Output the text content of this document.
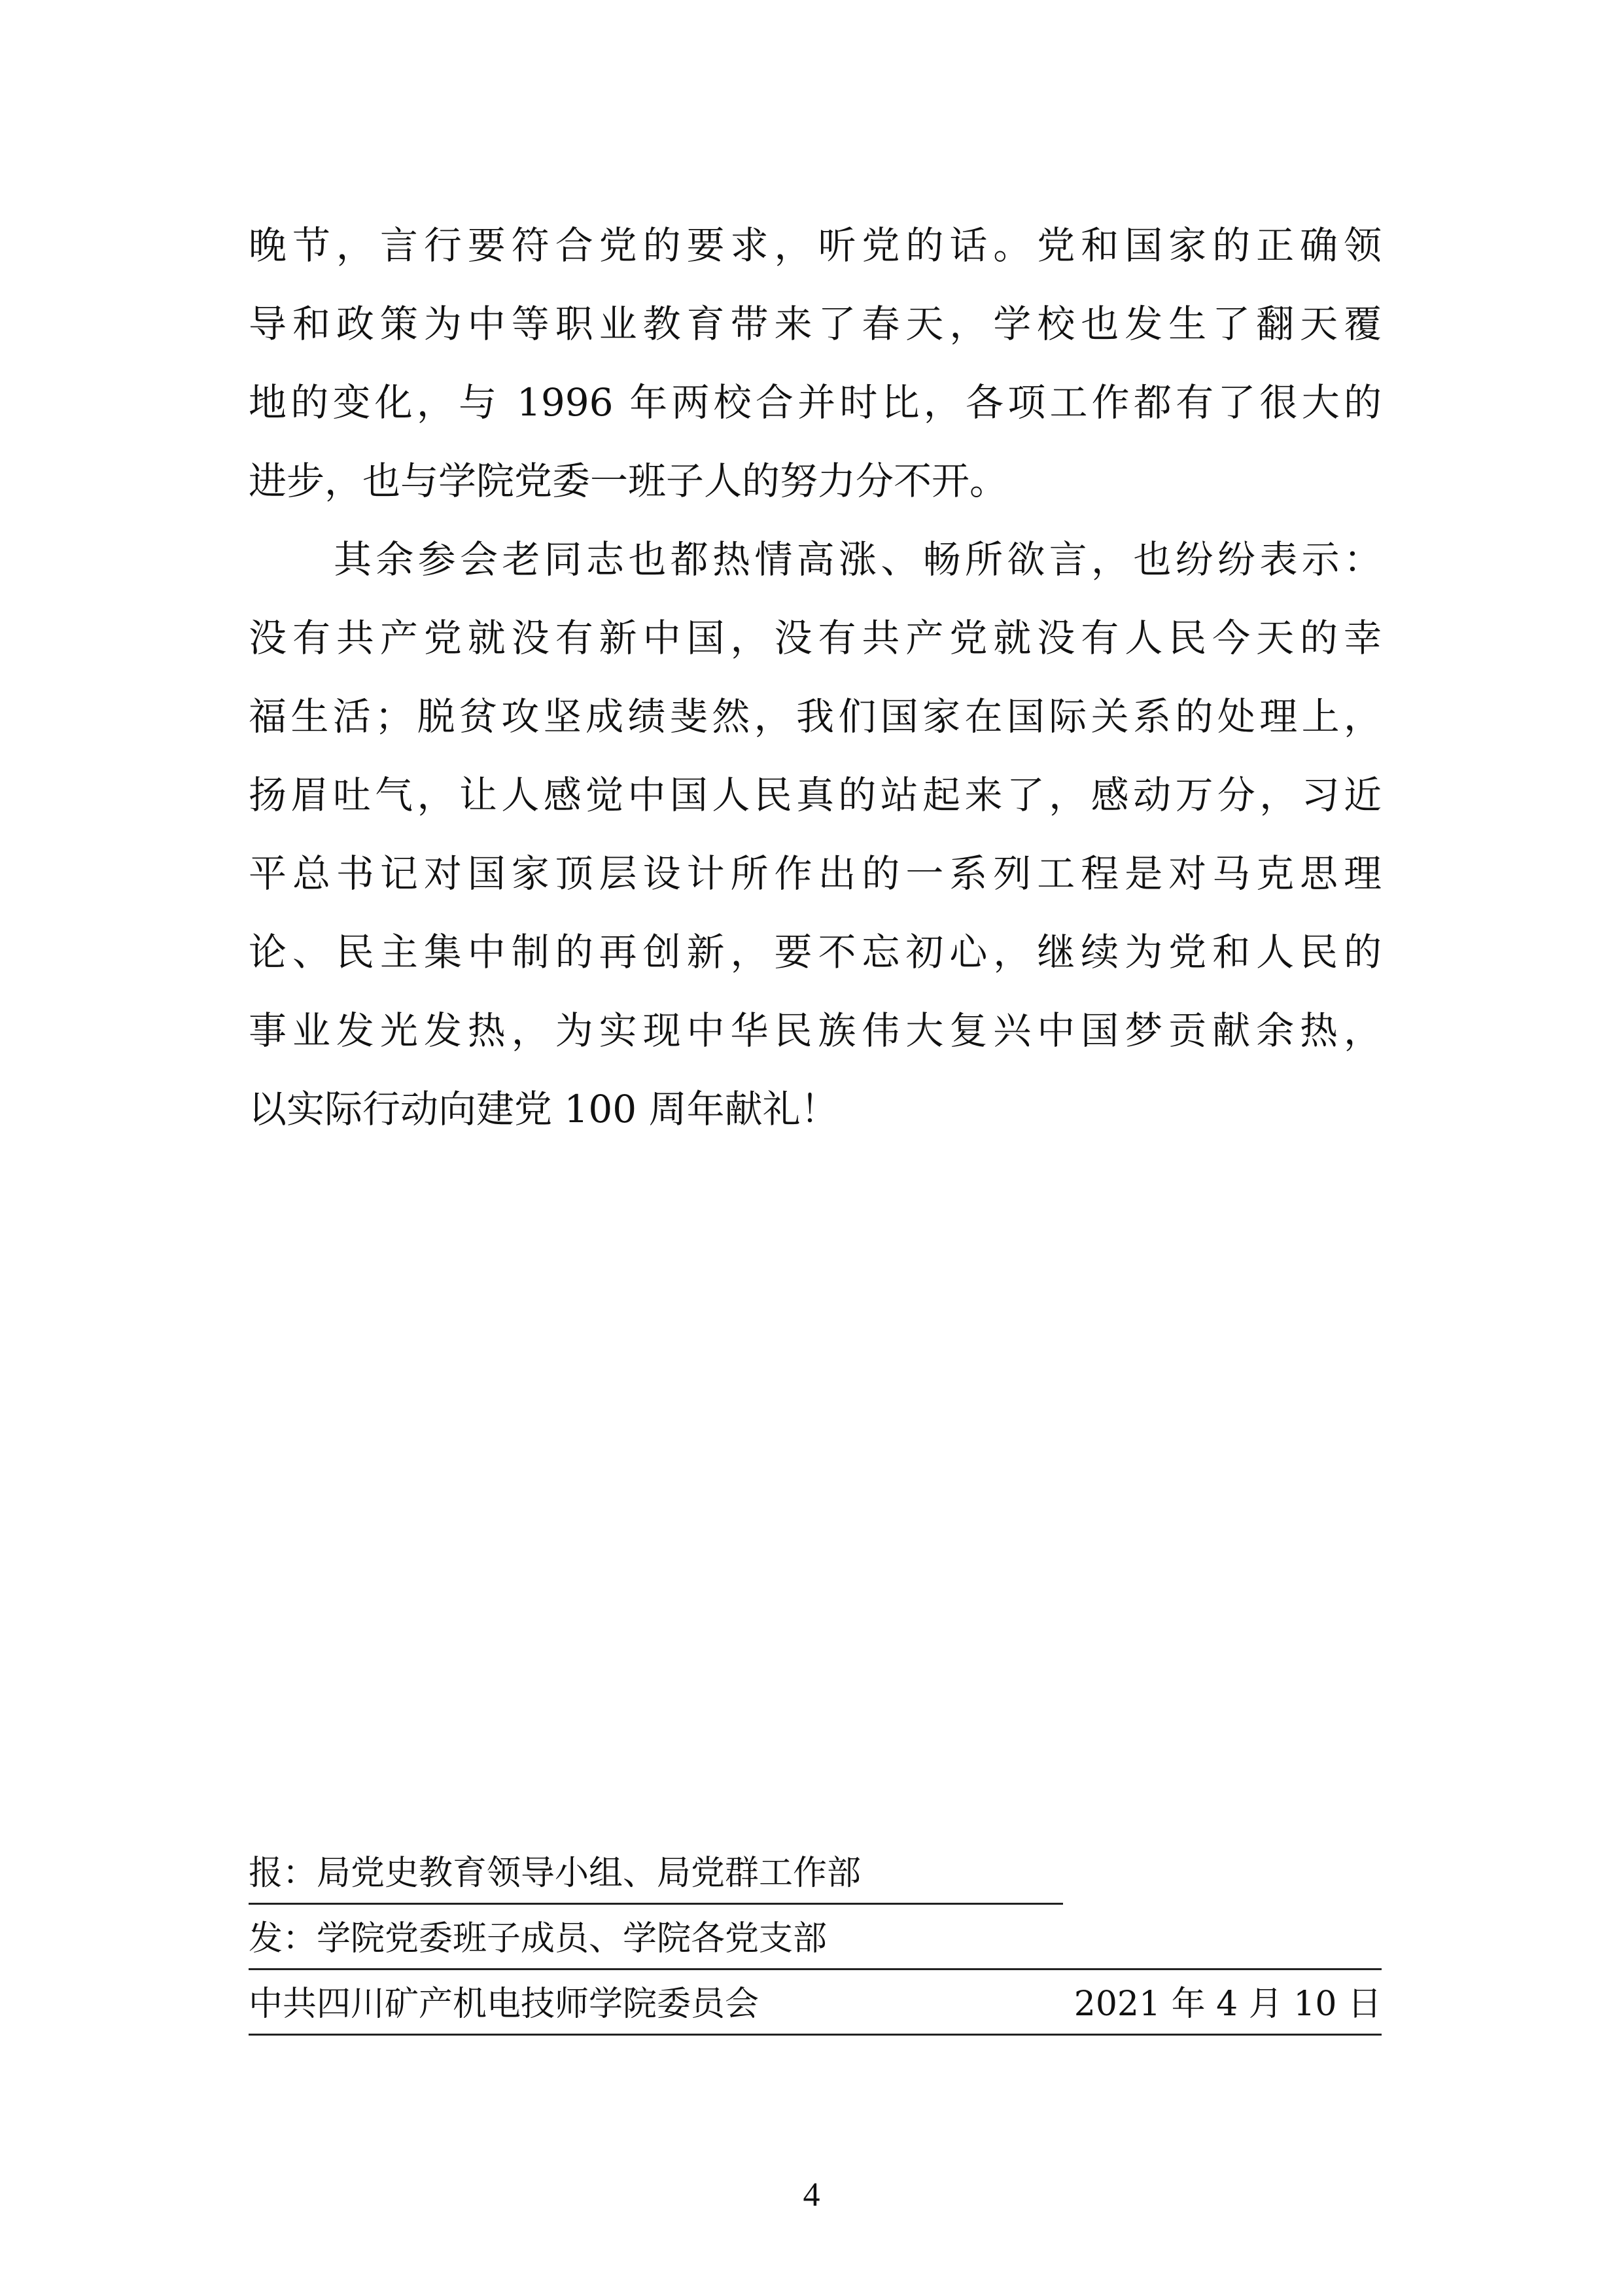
晚节，言行要符合党的要求，听党的话。党和国家的正确领
导和政策为中等职业教育带来了春天，学校也发生了翻天覆
地的变化，与 1996 年两校合并时比，各项工作都有了很大的
进步，也与学院党委一班子人的努力分不开。
其余参会老同志也都热情高涨、畅所欲言，也纷纷表示：
没有共产党就没有新中国，没有共产党就没有人民今天的幸
福生活；脱贫攻坚成绩斐然，我们国家在国际关系的处理上，
扬眉吐气，让人感觉中国人民真的站起来了，感动万分，习近
平总书记对国家顶层设计所作出的一系列工程是对马克思理
论、民主集中制的再创新，要不忘初心，继续为党和人民的
事业发光发热，为实现中华民族伟大复兴中国梦贡献余热，
以实际行动向建党 100 周年献礼！
报：局党史教育领导小组、局党群工作部
发：学院党委班子成员、学院各党支部
中共四川矿产机电技师学院委员会	2021 年 4 月 10 日
4
